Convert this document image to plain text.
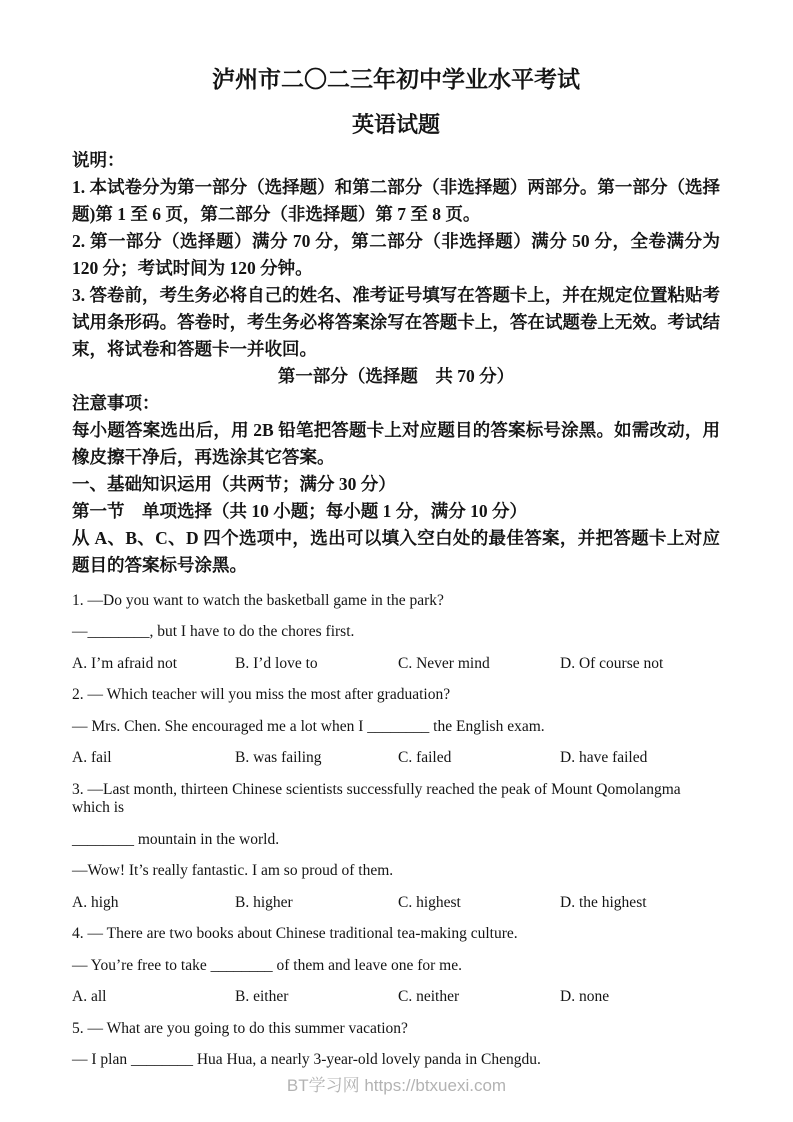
泸州市二〇二三年初中学业水平考试
英语试题

说明：

1. 本试卷分为第一部分（选择题）和第二部分（非选择题）两部分。第一部分（选择题)第 1 至 6 页，第二部分（非选择题）第 7 至 8 页。

2. 第一部分（选择题）满分 70 分，第二部分（非选择题）满分 50 分，全卷满分为 120 分；考试时间为 120 分钟。

3. 答卷前，考生务必将自己的姓名、准考证号填写在答题卡上，并在规定位置粘贴考试用条形码。答卷时，考生务必将答案涂写在答题卡上，答在试题卷上无效。考试结束，将试卷和答题卡一并收回。

第一部分（选择题　共 70 分）

注意事项：

每小题答案选出后，用 2B 铅笔把答题卡上对应题目的答案标号涂黑。如需改动，用橡皮擦干净后，再选涂其它答案。

一、基础知识运用（共两节；满分 30 分）

第一节　单项选择（共 10 小题；每小题 1 分，满分 10 分）

从 A、B、C、D 四个选项中，选出可以填入空白处的最佳答案，并把答题卡上对应题目的答案标号涂黑。

1. —Do you want to watch the basketball game in the park?

—________, but I have to do the chores first.

A. I’m afraid not	B. I’d love to	C. Never mind	D. Of course not

2. — Which teacher will you miss the most after graduation?

— Mrs. Chen. She encouraged me a lot when I ________ the English exam.

A. fail	B. was failing	C. failed	D. have failed

3. —Last month, thirteen Chinese scientists successfully reached the peak of Mount Qomolangma which is

________ mountain in the world.

—Wow! It’s really fantastic. I am so proud of them.

A. high	B. higher	C. highest	D. the highest

4. — There are two books about Chinese traditional tea-making culture.

— You’re free to take ________ of them and leave one for me.

A. all	B. either	C. neither	D. none

5. — What are you going to do this summer vacation?

— I plan ________ Hua Hua, a nearly 3-year-old lovely panda in Chengdu.

BT学习网 https://btxuexi.com
